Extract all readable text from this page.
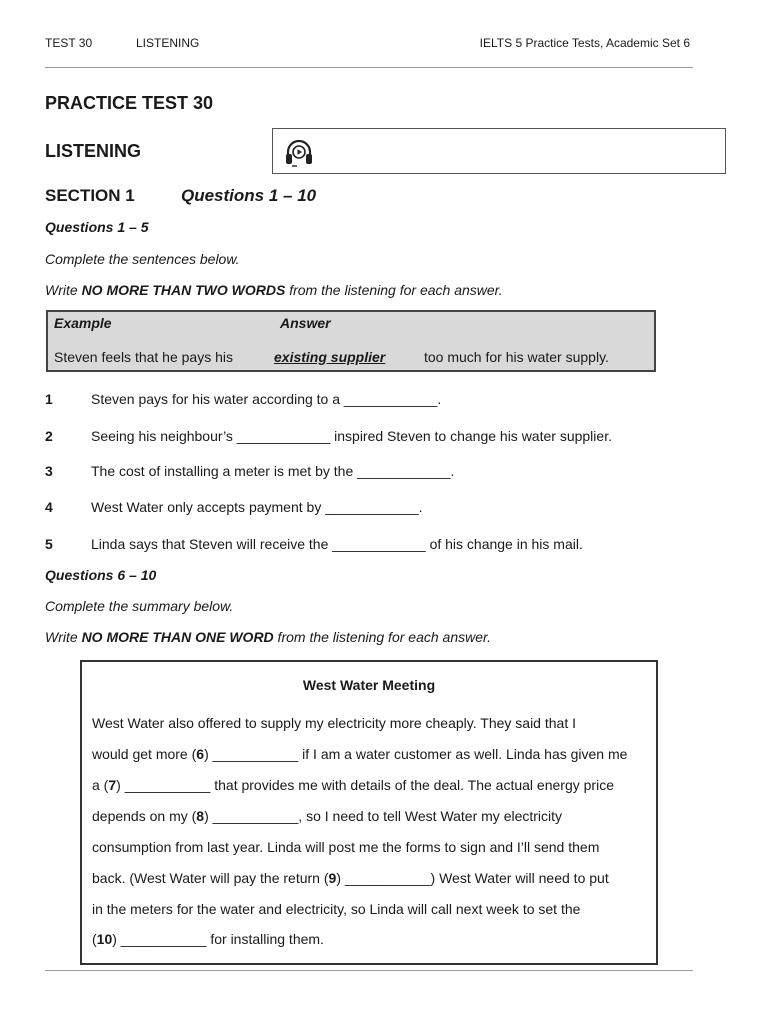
TEST 30	LISTENING	IELTS 5 Practice Tests, Academic Set 6
PRACTICE TEST 30
LISTENING
SECTION 1	Questions 1 – 10
Questions 1 – 5
Complete the sentences below.
Write NO MORE THAN TWO WORDS from the listening for each answer.
Example	Answer
Steven feels that he pays his	existing supplier	too much for his water supply.
1	Steven pays for his water according to a ____________.
2	Seeing his neighbour’s ____________ inspired Steven to change his water supplier.
3	The cost of installing a meter is met by the ____________.
4	West Water only accepts payment by ____________.
5	Linda says that Steven will receive the ____________ of his change in his mail.
Questions 6 – 10
Complete the summary below.
Write NO MORE THAN ONE WORD from the listening for each answer.
West Water Meeting
West Water also offered to supply my electricity more cheaply. They said that I
would get more (6) ___________ if I am a water customer as well. Linda has given me
a (7) ___________ that provides me with details of the deal. The actual energy price
depends on my (8) ___________, so I need to tell West Water my electricity
consumption from last year. Linda will post me the forms to sign and I’ll send them
back. (West Water will pay the return (9) ___________) West Water will need to put
in the meters for the water and electricity, so Linda will call next week to set the
(10) ___________ for installing them.
